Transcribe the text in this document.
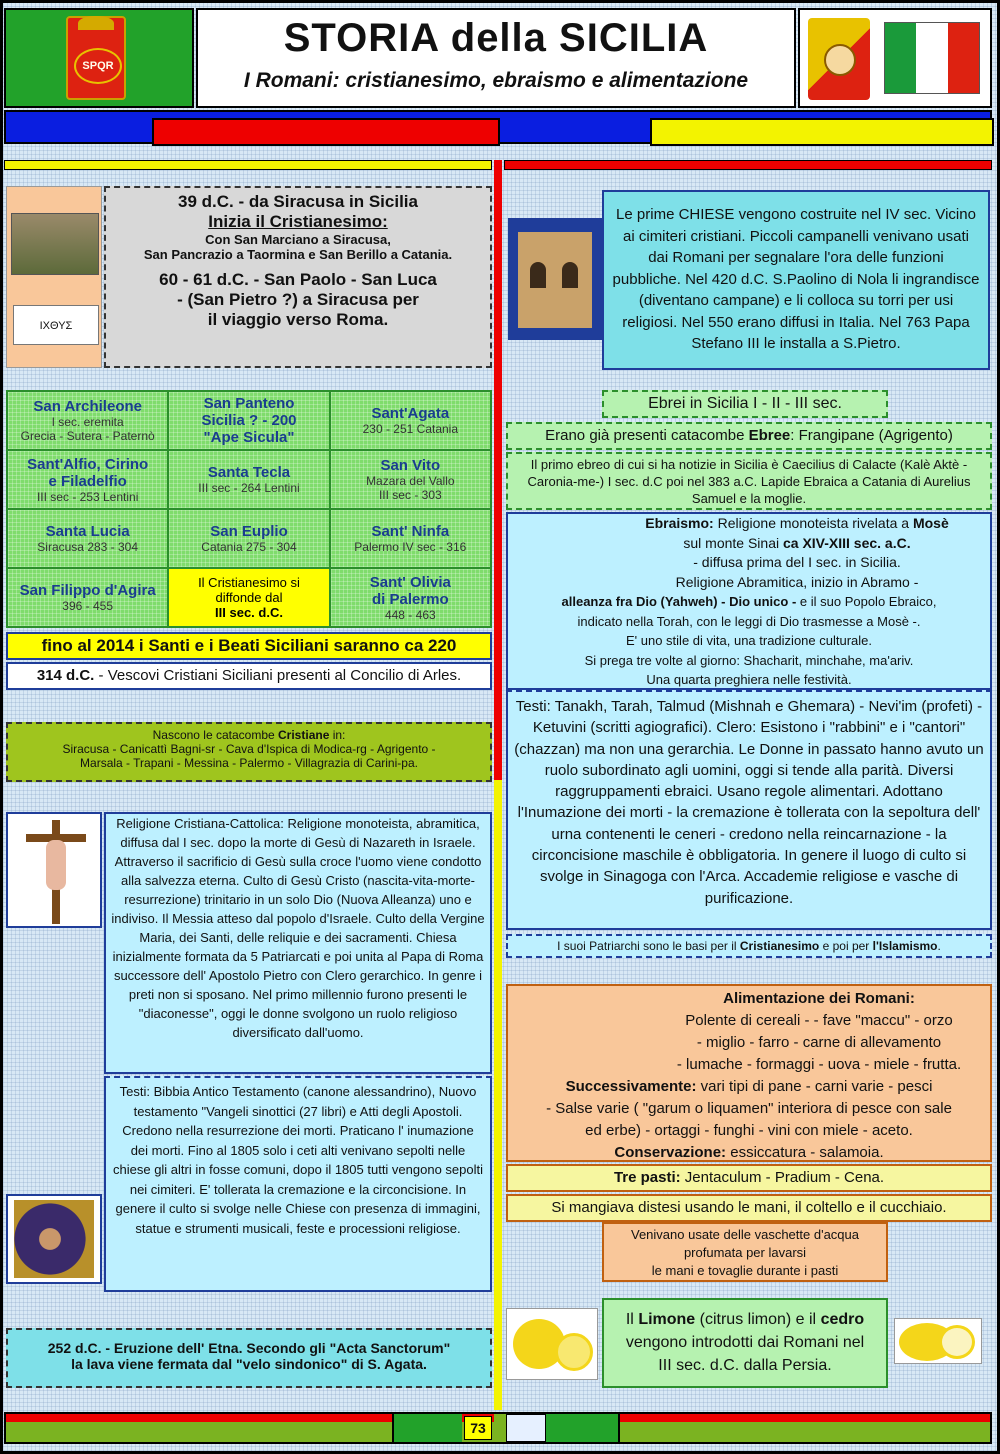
SPQR
STORIA della SICILIA
I Romani: cristianesimo, ebraismo e alimentazione
ΙΧΘΥΣ

39 d.C. - da Siracusa in Sicilia

Inizia il Cristianesimo:

Con San Marciano a Siracusa,

San Pancrazio a Taormina e San Berillo a Catania.

60 - 61 d.C. - San Paolo - San Luca

- (San Pietro ?) a Siracusa per

il viaggio verso Roma.

San Archileone
I sec. eremita
Grecia - Sutera - Paternò
San Panteno
Sicilia ? - 200
"Ape Sicula"
Sant'Agata
230 - 251 Catania
Sant'Alfio, Cirino
e Filadelfio
III sec - 253 Lentini
Santa Tecla
III sec - 264 Lentini
San Vito
Mazara del Vallo
III sec - 303
Santa Lucia
Siracusa 283 - 304
San Euplio
Catania 275 - 304
Sant' Ninfa
Palermo IV sec - 316
San Filippo d'Agira
396 - 455
Il Cristianesimo si
diffonde dal
III sec. d.C.
Sant' Olivia
di Palermo
448 - 463
fino al 2014 i Santi e i Beati Siciliani saranno ca 220
314 d.C. - Vescovi Cristiani Siciliani presenti al Concilio di Arles.

Nascono le catacombe Cristiane in:

Siracusa - Canicattì Bagni-sr - Cava d'Ispica di Modica-rg - Agrigento -

Marsala - Trapani - Messina - Palermo - Villagrazia di Carini-pa.

Religione Cristiana-Cattolica: Religione monoteista, abramitica, diffusa dal I sec. dopo la morte di Gesù di Nazareth in Israele. Attraverso il sacrificio di Gesù sulla croce l'uomo viene condotto alla salvezza eterna. Culto di Gesù Cristo (nascita-vita-morte-resurrezione) trinitario in un solo Dio (Nuova Alleanza) uno e indiviso. Il Messia atteso dal popolo d'Israele. Culto della Vergine Maria, dei Santi, delle reliquie e dei sacramenti. Chiesa inizialmente formata da 5 Patriarcati e poi unita al Papa di Roma successore dell' Apostolo Pietro con Clero gerarchico. In genre i preti non si sposano. Nel primo millennio furono presenti le "diaconesse", oggi le donne svolgono un ruolo religioso diversificato dall'uomo.

Testi: Bibbia Antico Testamento (canone alessandrino), Nuovo testamento "Vangeli sinottici (27 libri) e Atti degli Apostoli. Credono nella resurrezione dei morti. Praticano l' inumazione dei morti. Fino al 1805 solo i ceti alti venivano sepolti nelle chiese gli altri in fosse comuni, dopo il 1805 tutti vengono sepolti nei cimiteri. E' tollerata la cremazione e la circoncisione. In genere il culto si svolge nelle Chiese con presenza di immagini, statue e strumenti musicali, feste e processioni religiose.

252 d.C. - Eruzione dell' Etna. Secondo gli "Acta Sanctorum"

la lava viene fermata dal "velo sindonico" di S. Agata.

Le prime CHIESE vengono costruite nel IV sec. Vicino ai cimiteri cristiani. Piccoli campanelli venivano usati dai Romani per segnalare l'ora delle funzioni pubbliche. Nel 420 d.C. S.Paolino di Nola li ingrandisce (diventano campane) e li colloca su torri per usi religiosi. Nel 550 erano diffusi in Italia. Nel 763 Papa Stefano III le installa a S.Pietro.

Ebrei in Sicilia I - II - III sec.
Erano già presenti catacombe Ebree: Frangipane (Agrigento)

Il primo ebreo di cui si ha notizie in Sicilia è Caecilius di Calacte (Kalè Aktè - Caronia-me-) I sec. d.C poi nel 383 a.C. Lapide Ebraica a Catania di Aurelius Samuel e la moglie.

Ebraismo: Religione monoteista rivelata a Mosè

sul monte Sinai ca XIV-XIII sec. a.C.

- diffusa prima del I sec. in Sicilia.

Religione Abramitica, inizio in Abramo -

alleanza fra Dio (Yahweh) - Dio unico - e il suo Popolo Ebraico,

indicato nella Torah, con le leggi di Dio trasmesse a Mosè -.

E' uno stile di vita, una tradizione culturale.

Si prega tre volte al giorno: Shacharit, minchahe, ma'ariv.

Una quarta preghiera nelle festività.

Testi: Tanakh, Tarah, Talmud (Mishnah e Ghemara) - Nevi'im (profeti) - Ketuvini (scritti agiografici). Clero: Esistono i "rabbini" e i "cantori" (chazzan) ma non una gerarchia. Le Donne in passato hanno avuto un ruolo subordinato agli uomini, oggi si tende alla parità. Diversi raggruppamenti ebraici. Usano regole alimentari. Adottano l'Inumazione dei morti - la cremazione è tollerata con la sepoltura dell' urna contenenti le ceneri - credono nella reincarnazione - la circoncisione maschile è obbligatoria. In genere il luogo di culto si svolge in Sinagoga con l'Arca. Accademie religiose e vasche di purificazione.

I suoi Patriarchi sono le basi per il Cristianesimo e poi per l'Islamismo.

Alimentazione dei Romani:

Polente di cereali - - fave "maccu" - orzo

- miglio - farro - carne di allevamento

- lumache - formaggi - uova - miele - frutta.

Successivamente: vari tipi di pane - carni varie - pesci

- Salse varie ( "garum o liquamen" interiora di pesce con sale

ed erbe) - ortaggi - funghi - vini con miele - aceto.

Conservazione: essiccatura - salamoia.

Tre pasti: Jentaculum - Pradium - Cena.
Si mangiava distesi usando le mani, il coltello e il cucchiaio.

Venivano usate delle vaschette d'acqua

profumata per lavarsi

le mani e tovaglie durante i pasti

Il Limone (citrus limon) e il cedro

vengono introdotti dai Romani nel

III sec. d.C. dalla Persia.

73
